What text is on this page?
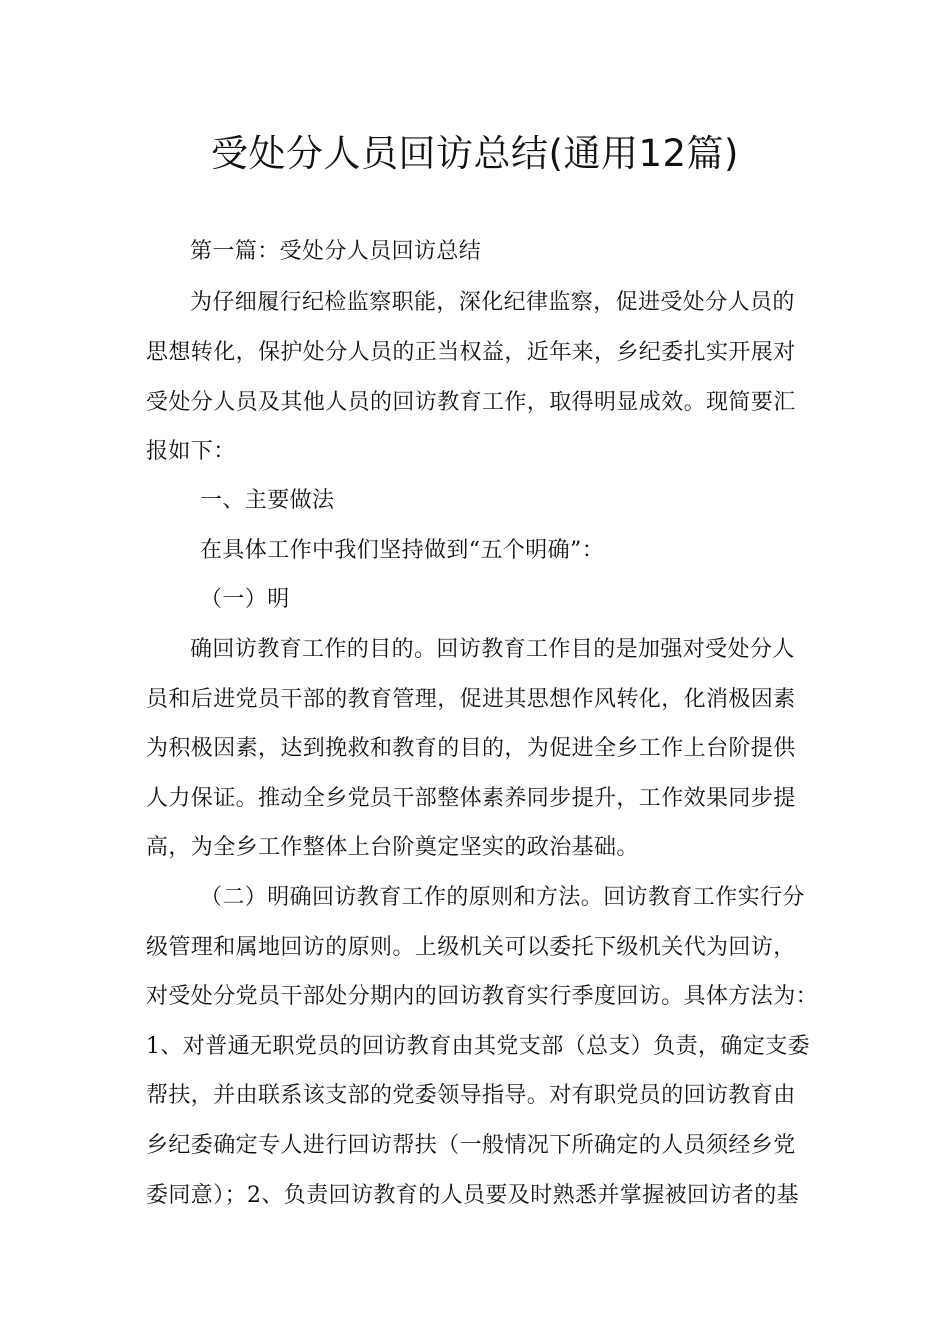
受处分人员回访总结(通用12篇)
第一篇：受处分人员回访总结
为仔细履行纪检监察职能，深化纪律监察，促进受处分人员的
思想转化，保护处分人员的正当权益，近年来，乡纪委扎实开展对
受处分人员及其他人员的回访教育工作，取得明显成效。现简要汇
报如下：
一、主要做法
在具体工作中我们坚持做到“五个明确”：
（一）明
确回访教育工作的目的。回访教育工作目的是加强对受处分人
员和后进党员干部的教育管理，促进其思想作风转化，化消极因素
为积极因素，达到挽救和教育的目的，为促进全乡工作上台阶提供
人力保证。推动全乡党员干部整体素养同步提升，工作效果同步提
高，为全乡工作整体上台阶奠定坚实的政治基础。
（二）明确回访教育工作的原则和方法。回访教育工作实行分
级管理和属地回访的原则。上级机关可以委托下级机关代为回访，
对受处分党员干部处分期内的回访教育实行季度回访。具体方法为：
1、对普通无职党员的回访教育由其党支部（总支）负责，确定支委
帮扶，并由联系该支部的党委领导指导。对有职党员的回访教育由
乡纪委确定专人进行回访帮扶（一般情况下所确定的人员须经乡党
委同意）；2、负责回访教育的人员要及时熟悉并掌握被回访者的基
